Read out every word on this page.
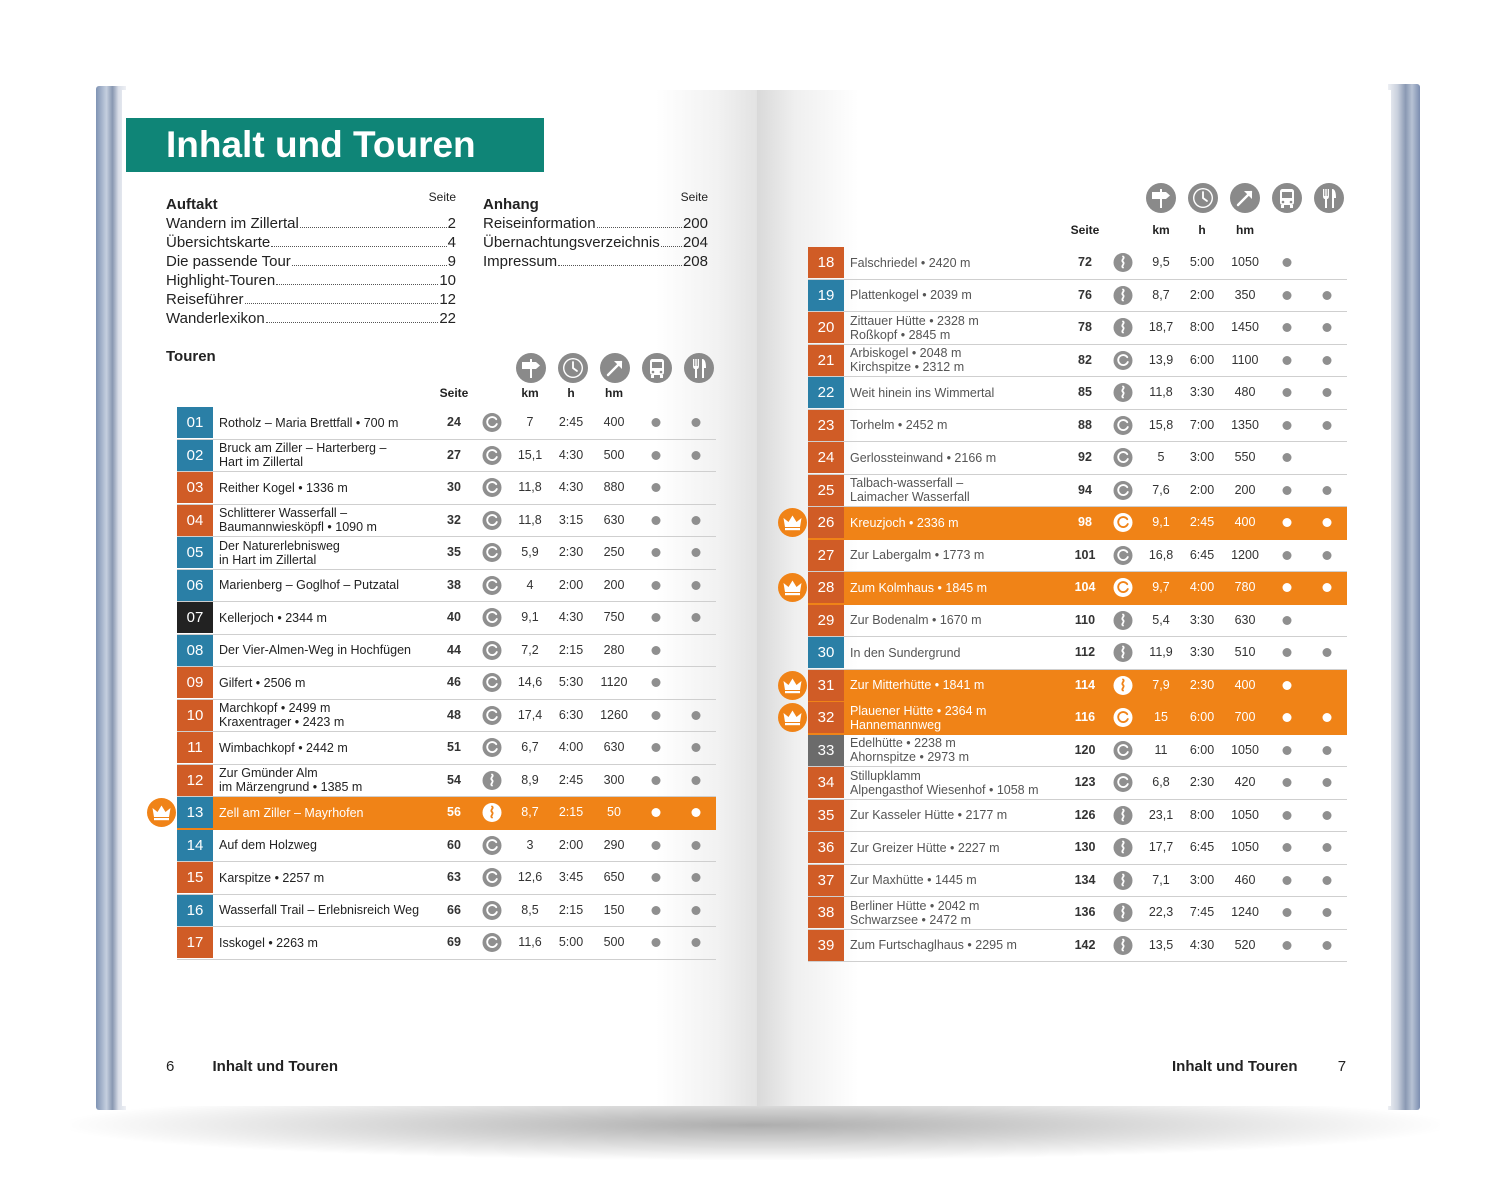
Inhalt und Touren
Auftakt	Seite
Wandern im Zillertal	2
Übersichtskarte	4
Die passende Tour	9
Highlight-Touren	10
Reiseführer	12
Wanderlexikon	22
Anhang	Seite
Reiseinformation	200
Übernachtungsverzeichnis 204
Impressum	208
Touren
Seite	km h	hm
01	Rotholz – Maria Brettfall • 700 m	24	7 2:45 400
02	Bruck am Ziller – Harterberg –
Hart im Zillertal
27	15,1 4:30 500
03	Reither Kogel • 1336 m	30	11,8 4:30 880
04	Schlitterer Wasserfall –
Baumannwiesköpfl • 1090 m
32	11,8 3:15 630
05	Der Naturerlebnisweg
in Hart im Zillertal
35	5,9 2:30 250
06	Marienberg – Goglhof – Putzatal	38	4 2:00 200
07	Kellerjoch • 2344 m	40	9,1 4:30 750
08	Der Vier-Almen-Weg in Hochfügen	44	7,2 2:15 280
09	Gilfert • 2506 m	46	14,6 5:30 1120
10	Marchkopf • 2499 m
Kraxentrager • 2423 m
48	17,4 6:30 1260
11	Wimbachkopf • 2442 m	51	6,7 4:00 630
12	Zur Gmünder Alm
im Märzengrund • 1385 m
54	8,9 2:45 300
13	Zell am Ziller – Mayrhofen	56	8,7 2:15 50
14	Auf dem Holzweg	60	3 2:00 290
15	Karspitze • 2257 m	63	12,6 3:45 650
16	Wasserfall Trail – Erlebnisreich Weg 66	8,5 2:15 150
17	Isskogel • 2263 m	69	11,6 5:00 500
Seite	km h	hm
18	Falschriedel • 2420 m	72	9,5 5:00 1050
19	Plattenkogel • 2039 m	76	8,7 2:00 350
20	Zittauer Hütte • 2328 m
Roßkopf • 2845 m
78	18,7 8:00 1450
21	Arbiskogel • 2048 m
Kirchspitze • 2312 m
82	13,9 6:00 1100
22	Weit hinein ins Wimmertal	85	11,8 3:30 480
23	Torhelm • 2452 m	88	15,8 7:00 1350
24	Gerlossteinwand • 2166 m	92	5 3:00 550
25	Talbach-wasserfall –
Laimacher Wasserfall
94	7,6 2:00 200
26	Kreuzjoch • 2336 m	98	9,1 2:45 400
27	Zur Labergalm • 1773 m	101	16,8 6:45 1200
28	Zum Kolmhaus • 1845 m	104	9,7 4:00 780
29	Zur Bodenalm • 1670 m	110	5,4 3:30 630
30	In den Sundergrund	112	11,9 3:30 510
31	Zur Mitterhütte • 1841 m	114	7,9 2:30 400
32	Plauener Hütte • 2364 m
Hannemannweg
116	15 6:00 700
33	Edelhütte • 2238 m
Ahornspitze • 2973 m
120	11 6:00 1050
34	Stillupklamm
Alpengasthof Wiesenhof • 1058 m
123	6,8 2:30 420
35	Zur Kasseler Hütte • 2177 m	126	23,1 8:00 1050
36	Zur Greizer Hütte • 2227 m	130	17,7 6:45 1050
37	Zur Maxhütte • 1445 m	134	7,1 3:00 460
38	Berliner Hütte • 2042 m
Schwarzsee • 2472 m
136	22,3 7:45 1240
39	Zum Furtschaglhaus • 2295 m	142	13,5 4:30 520
6	Inhalt und Touren	Inhalt und Touren	7
